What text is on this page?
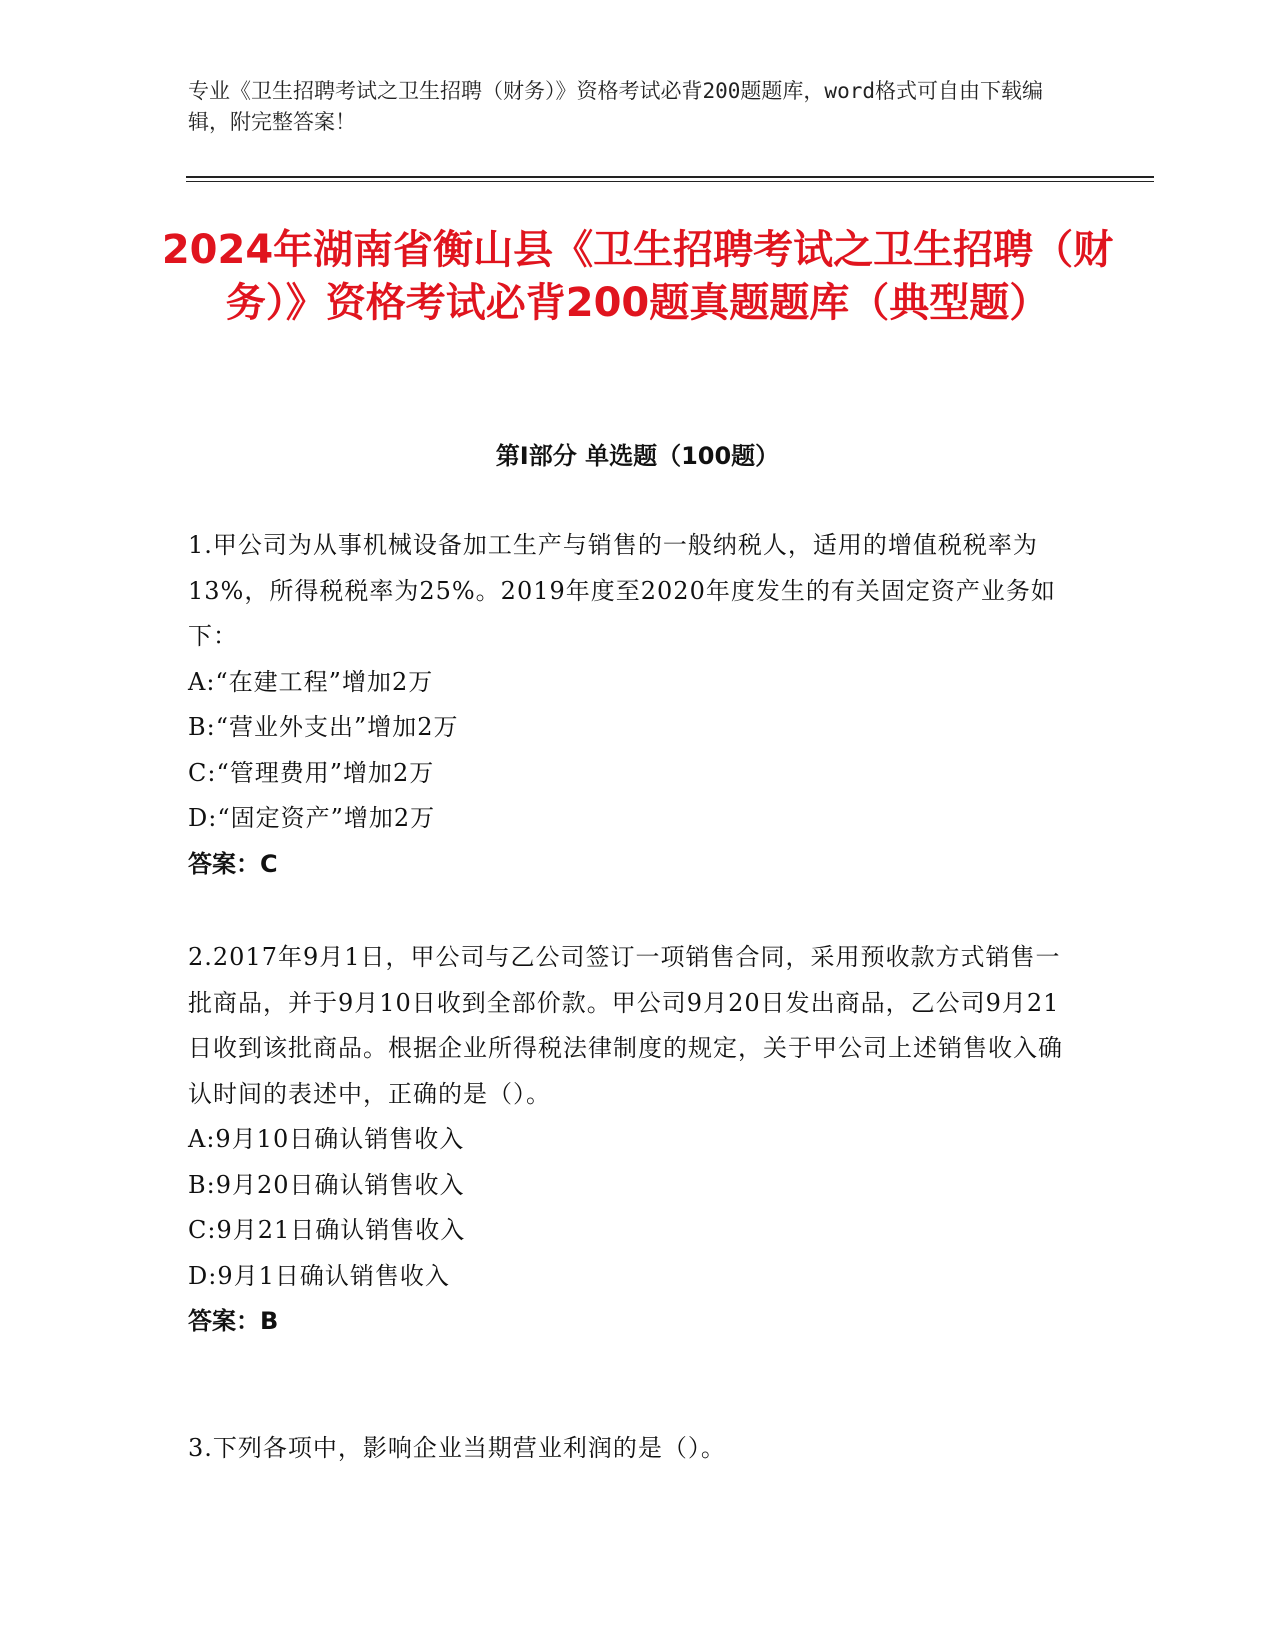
专业《卫生招聘考试之卫生招聘（财务）》资格考试必背200题题库，word格式可自由下载编辑，附完整答案！
2024年湖南省衡山县《卫生招聘考试之卫生招聘（财务）》资格考试必背200题真题题库（典型题）
第I部分 单选题（100题）

1.甲公司为从事机械设备加工生产与销售的一般纳税人，适用的增值税税率为13%，所得税税率为25%。2019年度至2020年度发生的有关固定资产业务如下：

A:“在建工程”增加2万

B:“营业外支出”增加2万

C:“管理费用”增加2万

D:“固定资产”增加2万

答案：C

2.2017年9月1日，甲公司与乙公司签订一项销售合同，采用预收款方式销售一批商品，并于9月10日收到全部价款。甲公司9月20日发出商品，乙公司9月21日收到该批商品。根据企业所得税法律制度的规定，关于甲公司上述销售收入确认时间的表述中，正确的是（）。

A:9月10日确认销售收入

B:9月20日确认销售收入

C:9月21日确认销售收入

D:9月1日确认销售收入

答案：B

3.下列各项中，影响企业当期营业利润的是（）。
